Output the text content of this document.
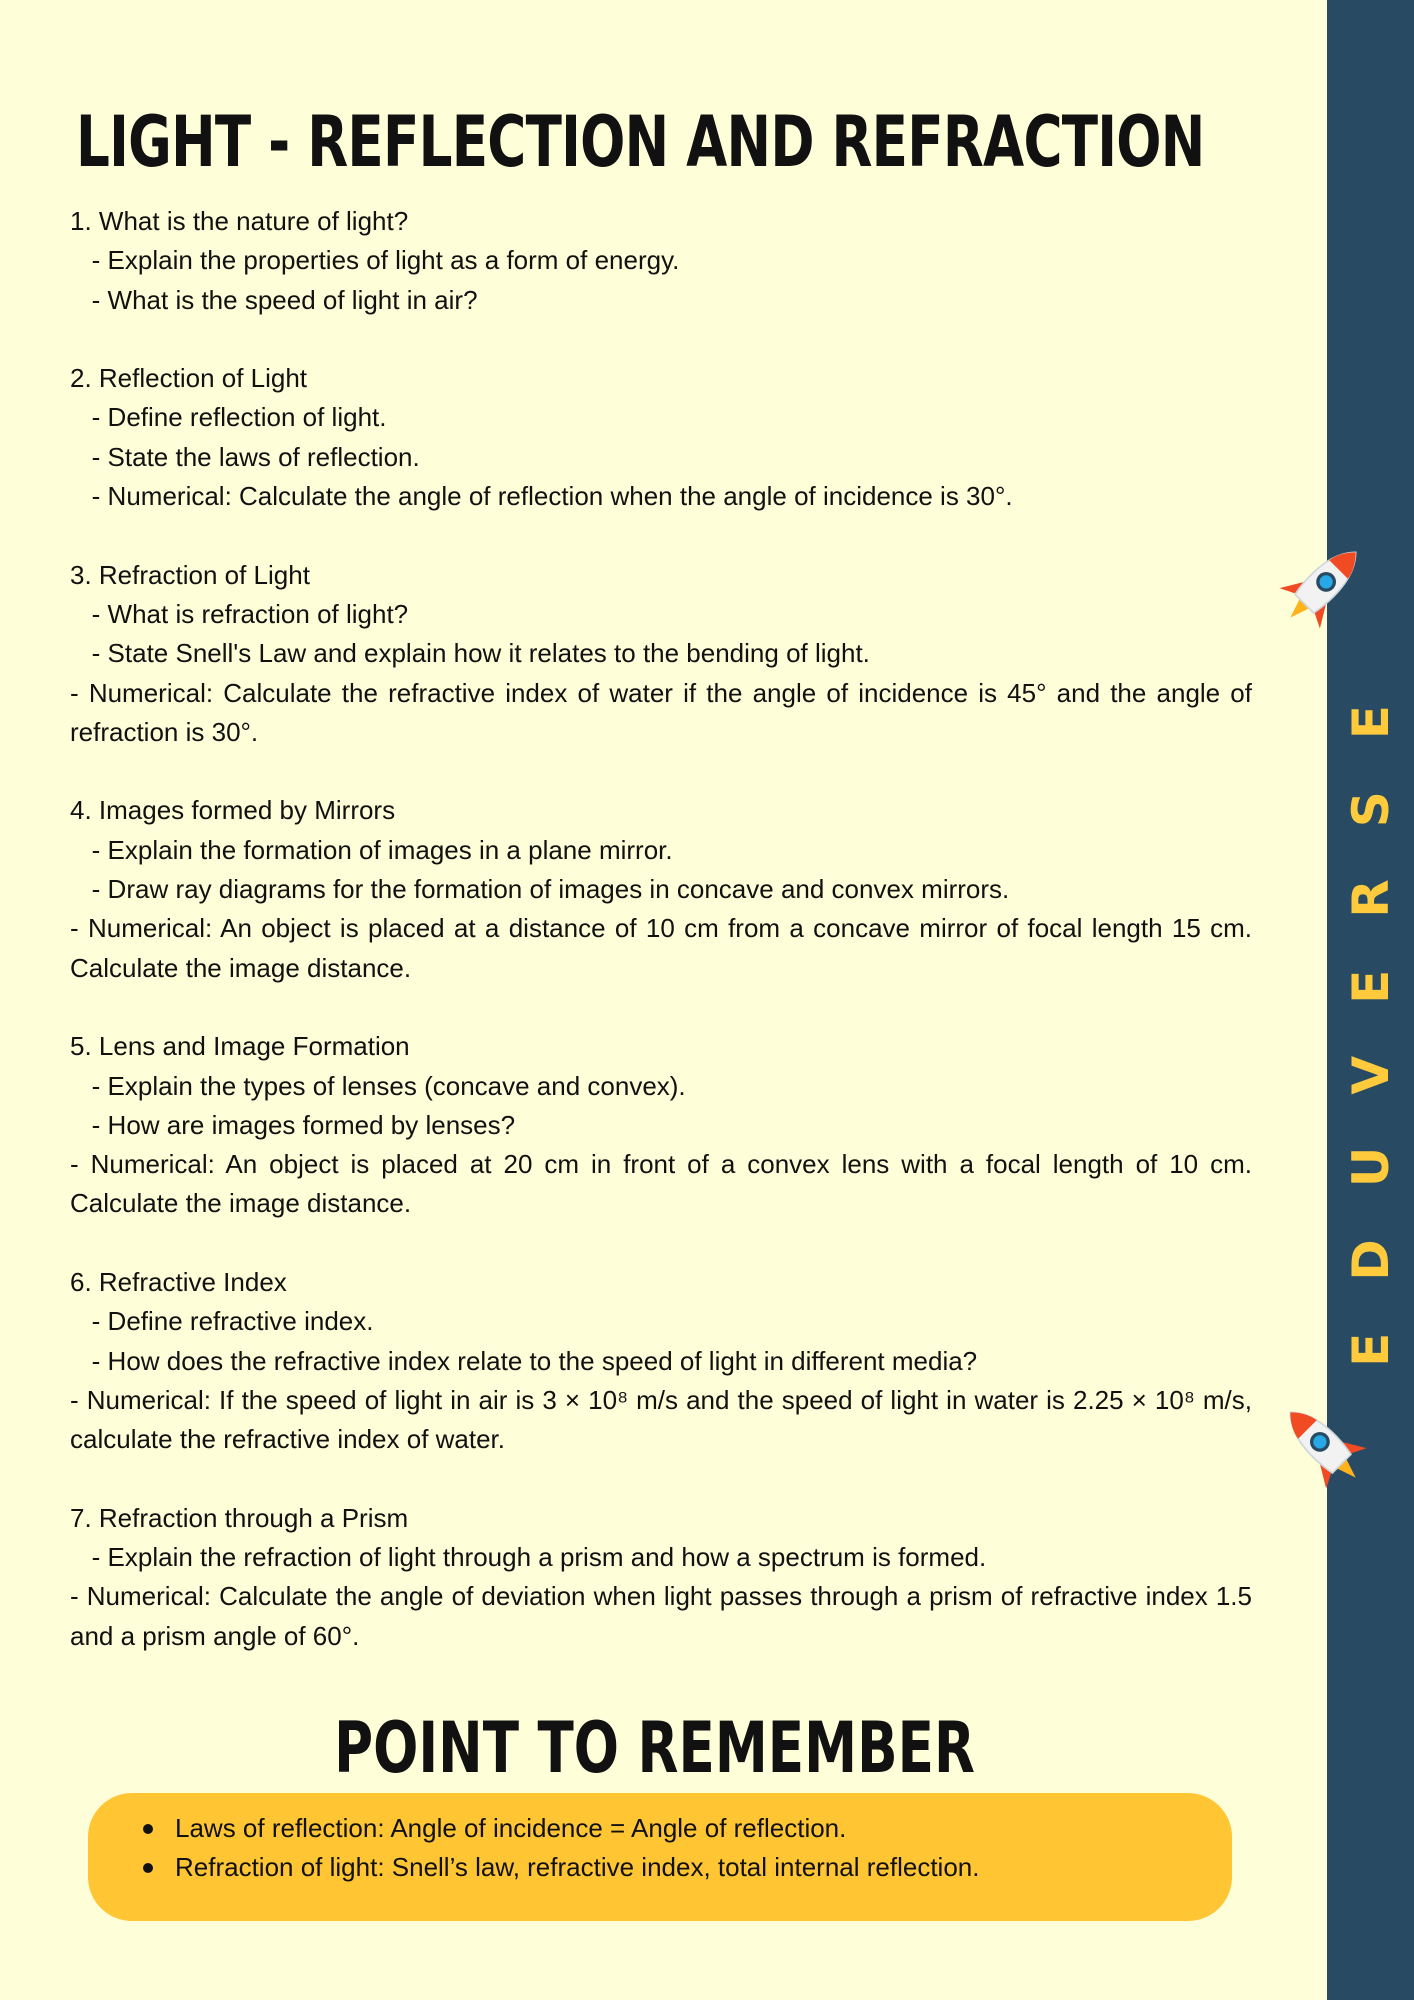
EDUVERSE
LIGHT - REFLECTION AND REFRACTION
1. What is the nature of light?
- Explain the properties of light as a form of energy.
- What is the speed of light in air?
2. Reflection of Light
- Define reflection of light.
- State the laws of reflection.
- Numerical: Calculate the angle of reflection when the angle of incidence is 30°.
3. Refraction of Light
- What is refraction of light?
- State Snell's Law and explain how it relates to the bending of light.
- Numerical: Calculate the refractive index of water if the angle of incidence is 45° and the angle of refraction is 30°.
4. Images formed by Mirrors
- Explain the formation of images in a plane mirror.
- Draw ray diagrams for the formation of images in concave and convex mirrors.
- Numerical: An object is placed at a distance of 10 cm from a concave mirror of focal length 15 cm. Calculate the image distance.
5. Lens and Image Formation
- Explain the types of lenses (concave and convex).
- How are images formed by lenses?
- Numerical: An object is placed at 20 cm in front of a convex lens with a focal length of 10 cm. Calculate the image distance.
6. Refractive Index
- Define refractive index.
- How does the refractive index relate to the speed of light in different media?
- Numerical: If the speed of light in air is 3 × 10⁸ m/s and the speed of light in water is 2.25 × 10⁸ m/s, calculate the refractive index of water.
7. Refraction through a Prism
- Explain the refraction of light through a prism and how a spectrum is formed.
- Numerical: Calculate the angle of deviation when light passes through a prism of refractive index 1.5 and a prism angle of 60°.
POINT TO REMEMBER
Laws of reflection: Angle of incidence = Angle of reflection.
Refraction of light: Snell’s law, refractive index, total internal reflection.
